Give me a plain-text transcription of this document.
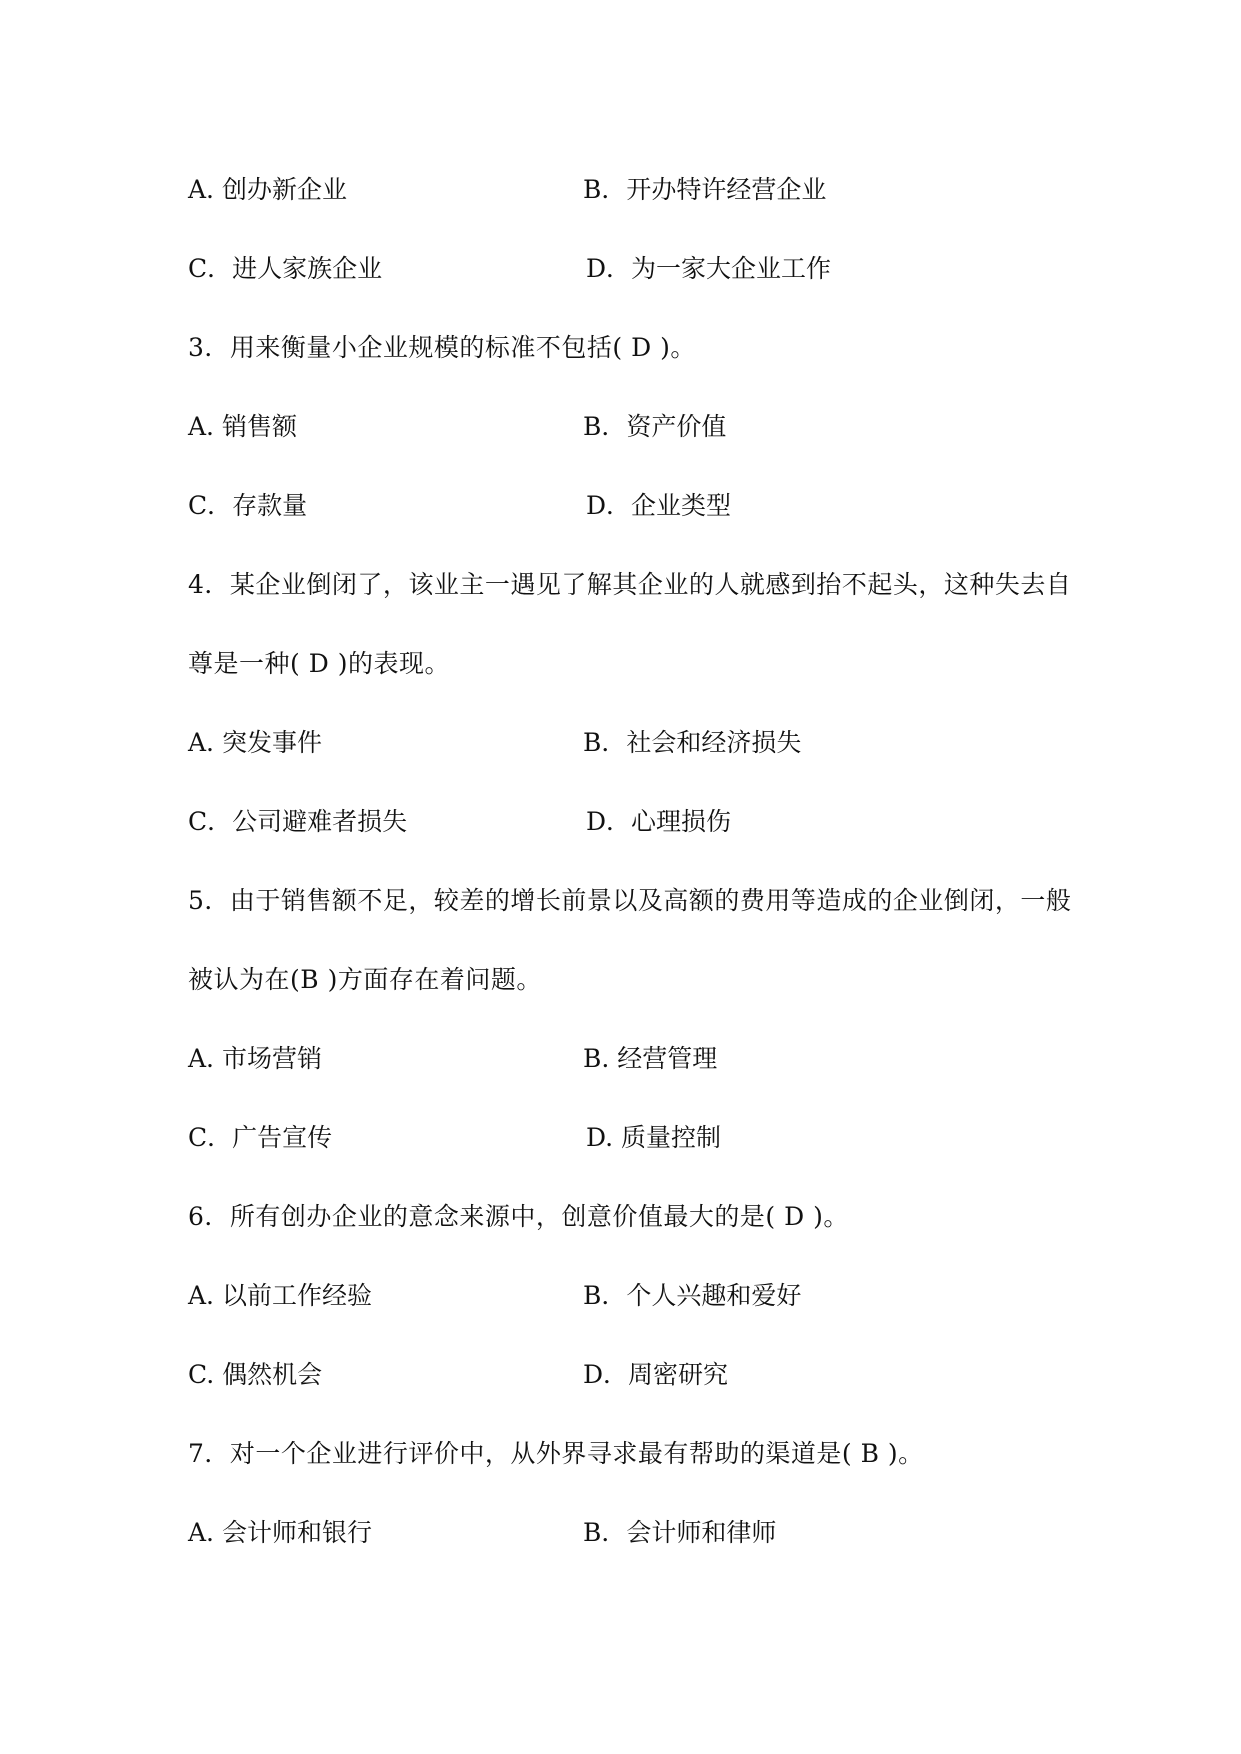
A. 创办新企业	B．开办特许经营企业
C．进人家族企业	D．为一家大企业工作
3．用来衡量小企业规模的标准不包括( D )。
A. 销售额	B．资产价值
C．存款量	D．企业类型
4．某企业倒闭了，该业主一遇见了解其企业的人就感到抬不起头，这种失去自
尊是一种( D )的表现。
A. 突发事件	B．社会和经济损失
C．公司避难者损失	D．心理损伤
5．由于销售额不足，较差的增长前景以及高额的费用等造成的企业倒闭，一般
被认为在(B )方面存在着问题。
A. 市场营销	B. 经营管理
C．广告宣传	D. 质量控制
6．所有创办企业的意念来源中，创意价值最大的是( D )。
A. 以前工作经验	B．个人兴趣和爱好
C. 偶然机会	D．周密研究
7．对一个企业进行评价中，从外界寻求最有帮助的渠道是( B )。
A. 会计师和银行	B．会计师和律师
